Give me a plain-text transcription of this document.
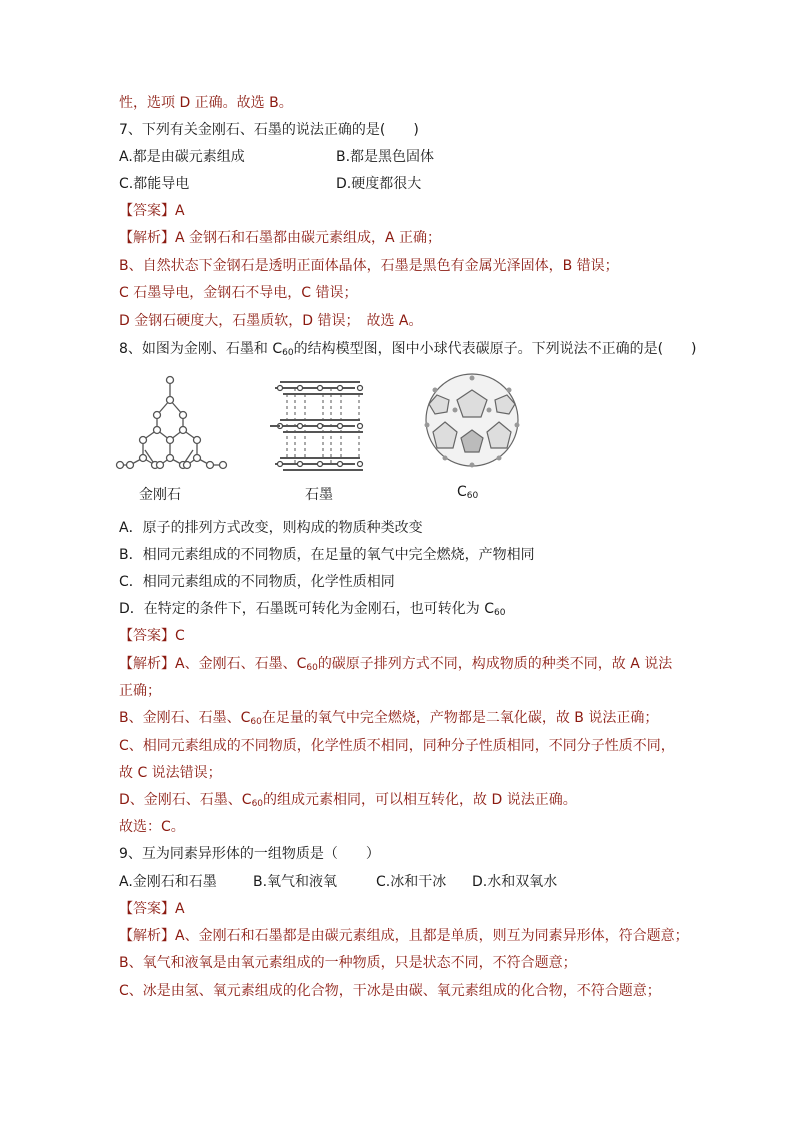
性，选项 D 正确。故选 B。
7、下列有关金刚石、石墨的说法正确的是(　　)
A.都是由碳元素组成	B.都是黑色固体
C.都能导电	D.硬度都很大
【答案】A
【解析】A 金钢石和石墨都由碳元素组成，A 正确；
B、自然状态下金钢石是透明正面体晶体，石墨是黑色有金属光泽固体，B 错误；
C 石墨导电，金钢石不导电，C 错误；
D 金钢石硬度大，石墨质软，D 错误；　故选 A。
8、如图为金刚、石墨和 $C_{60}$的结构模型图，图中小球代表碳原子。下列说法不正确的是(　　)
金刚石	石墨	$C_{60}$
A．原子的排列方式改变，则构成的物质种类改变
B．相同元素组成的不同物质，在足量的氧气中完全燃烧，产物相同
C．相同元素组成的不同物质，化学性质相同
D．在特定的条件下，石墨既可转化为金刚石，也可转化为 $C_{60}$
【答案】C
【解析】A、金刚石、石墨、$C_{60}$的碳原子排列方式不同，构成物质的种类不同，故 A 说法
正确；
B、金刚石、石墨、$C_{60}$在足量的氧气中完全燃烧，产物都是二氧化碳，故 B 说法正确；
C、相同元素组成的不同物质，化学性质不相同，同种分子性质相同，不同分子性质不同，
故 C 说法错误；
D、金刚石、石墨、$C_{60}$的组成元素相同，可以相互转化，故 D 说法正确。
故选：C。
9、互为同素异形体的一组物质是（　　）
A.金刚石和石墨	B.氧气和液氧	C.冰和干冰 D.水和双氧水
【答案】A
【解析】A、金刚石和石墨都是由碳元素组成，且都是单质，则互为同素异形体，符合题意；
B、氧气和液氧是由氧元素组成的一种物质，只是状态不同，不符合题意；
C、冰是由氢、氧元素组成的化合物，干冰是由碳、氧元素组成的化合物，不符合题意；
